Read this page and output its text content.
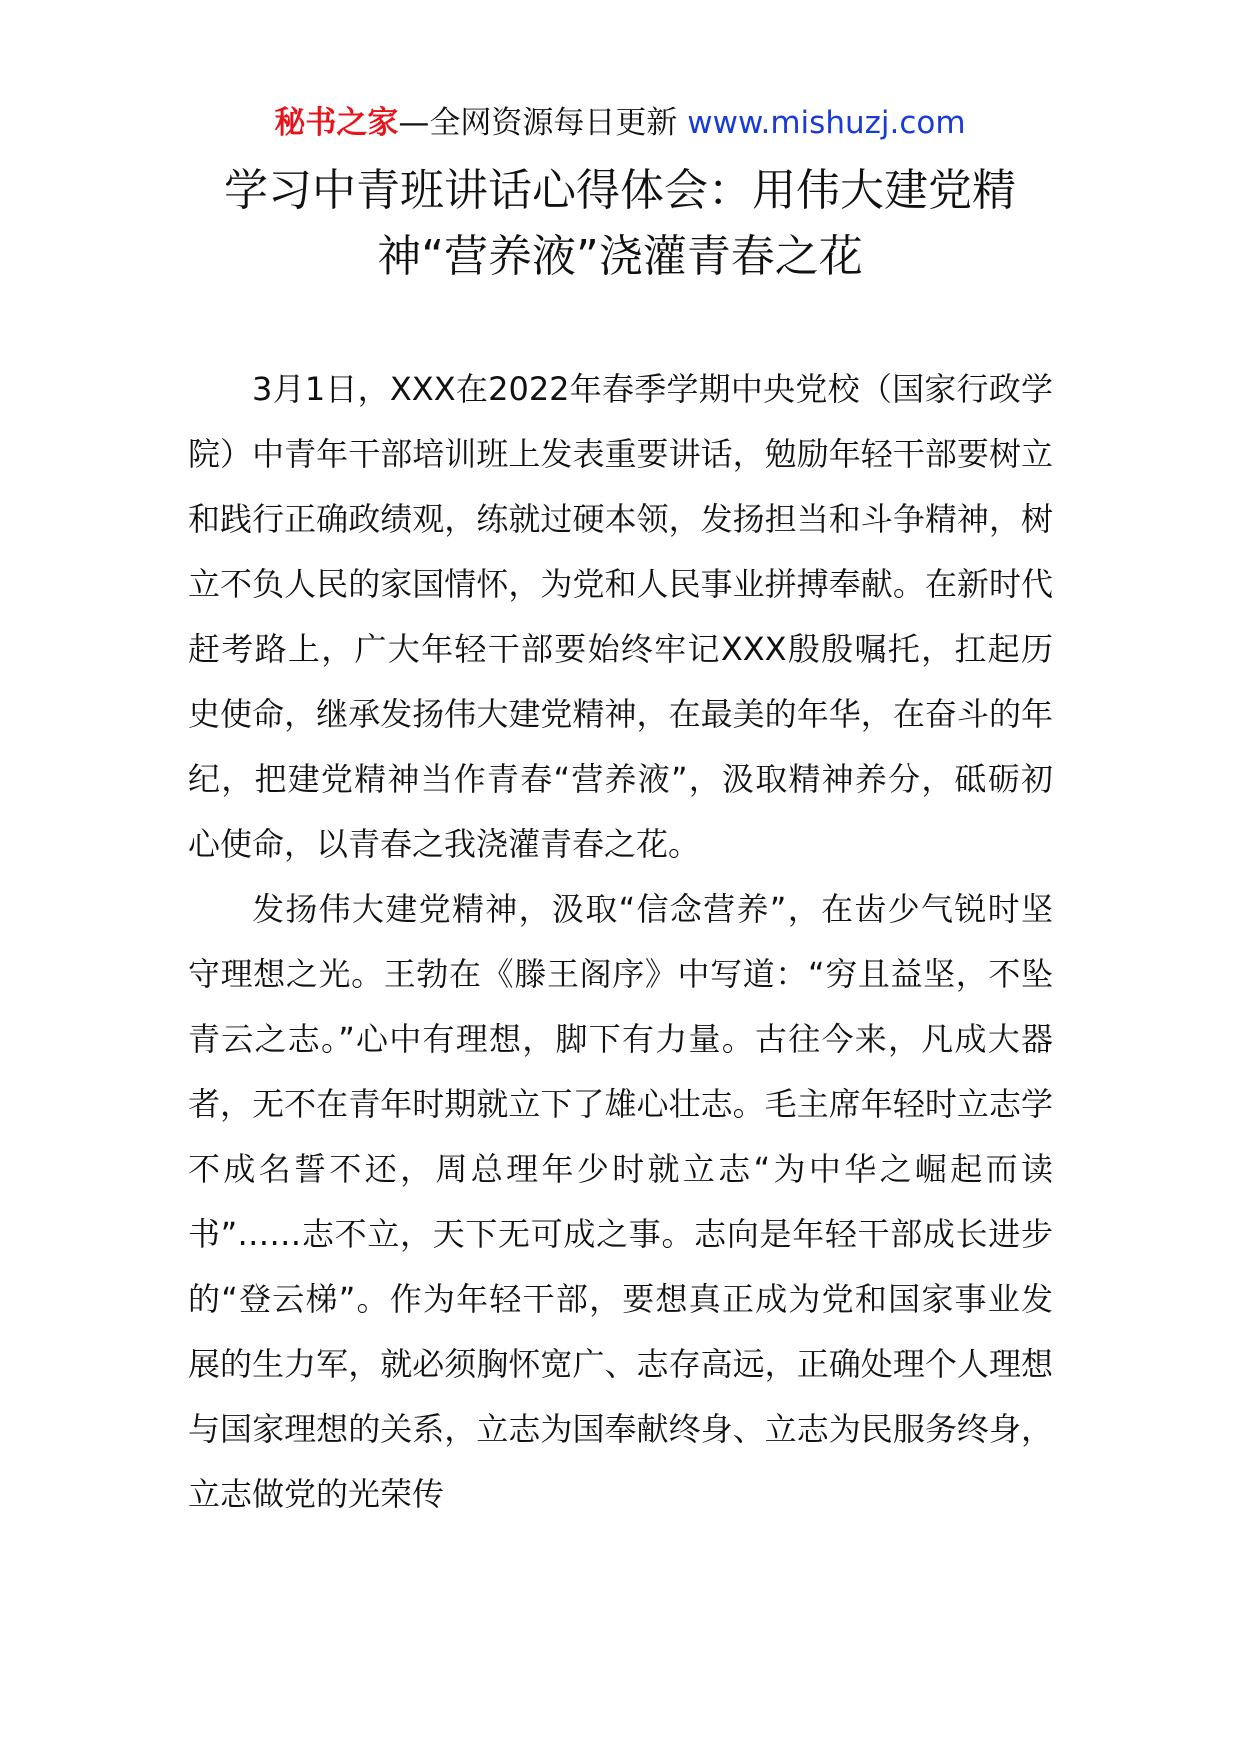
秘书之家—全网资源每日更新 www.mishuzj.com
学习中青班讲话心得体会：用伟大建党精
神“营养液”浇灌青春之花

3月1日，XXX在2022年春季学期中央党校（国家行政学院）中青年干部培训班上发表重要讲话，勉励年轻干部要树立和践行正确政绩观，练就过硬本领，发扬担当和斗争精神，树立不负人民的家国情怀，为党和人民事业拼搏奉献。在新时代赶考路上，广大年轻干部要始终牢记XXX殷殷嘱托，扛起历史使命，继承发扬伟大建党精神，在最美的年华，在奋斗的年纪，把建党精神当作青春“营养液”，汲取精神养分，砥砺初心使命，以青春之我浇灌青春之花。

发扬伟大建党精神，汲取“信念营养”，在齿少气锐时坚守理想之光。王勃在《滕王阁序》中写道：“穷且益坚，不坠青云之志。”心中有理想，脚下有力量。古往今来，凡成大器者，无不在青年时期就立下了雄心壮志。毛主席年轻时立志学不成名誓不还，周总理年少时就立志“为中华之崛起而读书”……志不立，天下无可成之事。志向是年轻干部成长进步的“登云梯”。作为年轻干部，要想真正成为党和国家事业发展的生力军，就必须胸怀宽广、志存高远，正确处理个人理想与国家理想的关系，立志为国奉献终身、立志为民服务终身，立志做党的光荣传
